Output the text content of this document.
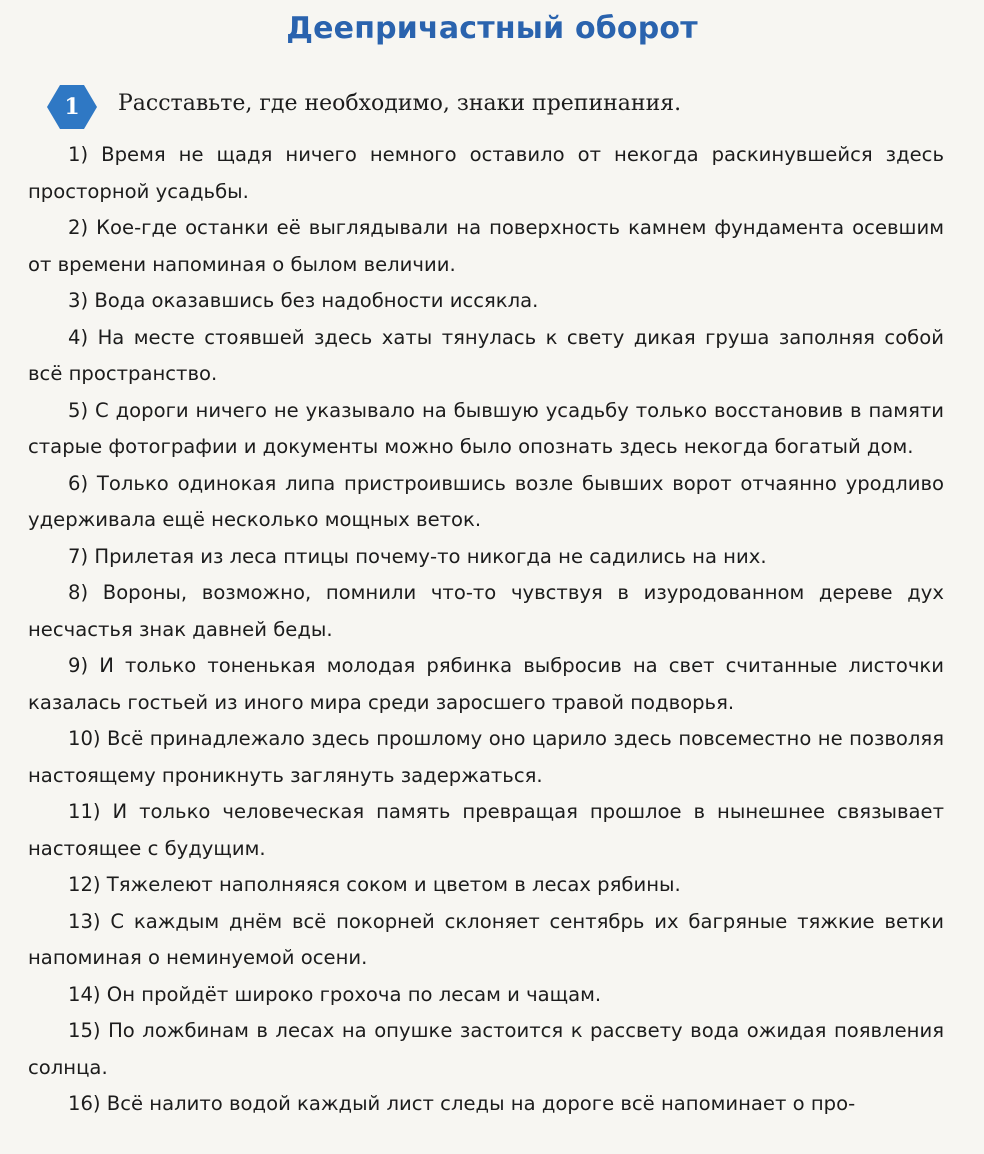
Деепричастный оборот
1	Расставьте, где необходимо, знаки препинания.

1) Время не щадя ничего немного оставило от некогда раскинувшейся здесь просторной усадьбы.

2) Кое-где останки её выглядывали на поверхность камнем фундамента осевшим от времени напоминая о былом величии.

3) Вода оказавшись без надобности иссякла.

4) На месте стоявшей здесь хаты тянулась к свету дикая груша заполняя собой всё пространство.

5) С дороги ничего не указывало на бывшую усадьбу только восстановив в памяти старые фотографии и документы можно было опознать здесь некогда богатый дом.

6) Только одинокая липа пристроившись возле бывших ворот отчаянно уродливо удерживала ещё несколько мощных веток.

7) Прилетая из леса птицы почему-то никогда не садились на них.

8) Вороны, возможно, помнили что-то чувствуя в изуродованном дереве дух несчастья знак давней беды.

9) И только тоненькая молодая рябинка выбросив на свет считанные листочки казалась гостьей из иного мира среди заросшего травой подворья.

10) Всё принадлежало здесь прошлому оно царило здесь повсеместно не позволяя настоящему проникнуть заглянуть задержаться.

11) И только человеческая память превращая прошлое в нынешнее связывает настоящее с будущим.

12) Тяжелеют наполняяся соком и цветом в лесах рябины.

13) С каждым днём всё покорней склоняет сентябрь их багряные тяжкие ветки напоминая о неминуемой осени.

14) Он пройдёт широко грохоча по лесам и чащам.

15) По ложбинам в лесах на опушке застоится к рассвету вода ожидая появления солнца.

16) Всё налито водой каждый лист следы на дороге всё напоминает о про-
